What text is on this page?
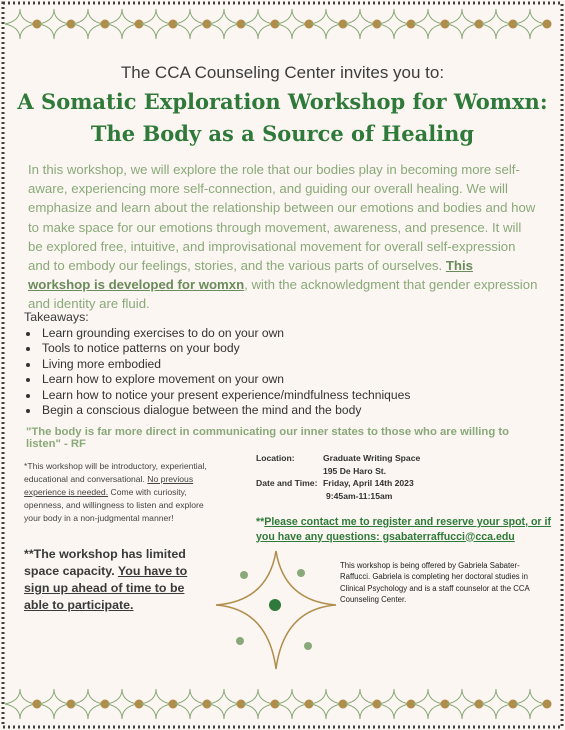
The CCA Counseling Center invites you to:
A Somatic Exploration Workshop for Womxn:
The Body as a Source of Healing

In this workshop, we will explore the role that our bodies play in becoming more self-aware, experiencing more self-connection, and guiding our overall healing. We will emphasize and learn about the relationship between our emotions and bodies and how to make space for our emotions through movement, awareness, and presence. It will be explored free, intuitive, and improvisational movement for overall self-expression and to embody our feelings, stories, and the various parts of ourselves. This workshop is developed for womxn, with the acknowledgment that gender expression and identity are fluid.

Takeaways:
• Learn grounding exercises to do on your own
• Tools to notice patterns on your body
• Living more embodied
• Learn how to explore movement on your own
• Learn how to notice your present experience/mindfulness techniques
• Begin a conscious dialogue between the mind and the body
"The body is far more direct in communicating our inner states to those who are willing to listen" - RF
*This workshop will be introductory, experiential, educational and conversational. No previous experience is needed. Come with curiosity, openness, and willingness to listen and explore your body in a non-judgmental manner!
**The workshop has limited space capacity. You have to sign up ahead of time to be able to participate.
Location:	Graduate Writing Space
195 De Haro St.
Date and Time: Friday, April 14th 2023
9:45am-11:15am
**Please contact me to register and reserve your spot, or if you have any questions: gsabaterraffucci@cca.edu
This workshop is being offered by Gabriela Sabater-Raffucci. Gabriela is completing her doctoral studies in Clinical Psychology and is a staff counselor at the CCA Counseling Center.
